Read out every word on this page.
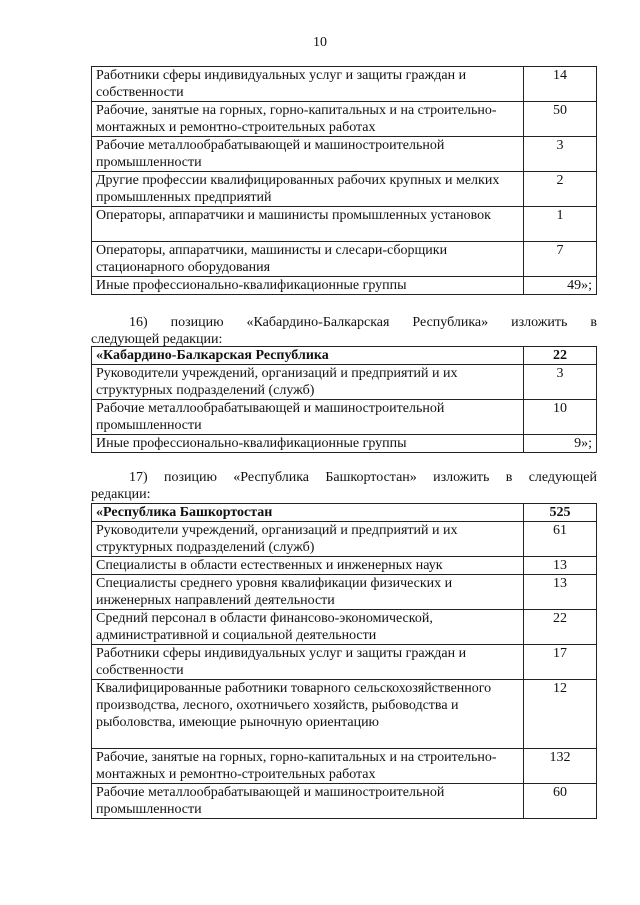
10
Работники сферы индивидуальных услуг и защиты граждан и собственности	14
Рабочие, занятые на горных, горно-капитальных и на строительно-монтажных и ремонтно-строительных работах	50
Рабочие металлообрабатывающей и машиностроительной промышленности	3
Другие профессии квалифицированных рабочих крупных и мелких промышленных предприятий	2
Операторы, аппаратчики и машинисты промышленных установок	1
Операторы, аппаратчики, машинисты и слесари-сборщики стационарного оборудования	7
Иные профессионально-квалификационные группы	49»;
16) позицию «Кабардино-Балкарская Республика» изложить в
следующей редакции:
«Кабардино-Балкарская Республика	22
Руководители учреждений, организаций и предприятий и их структурных подразделений (служб)	3
Рабочие металлообрабатывающей и машиностроительной промышленности	10
Иные профессионально-квалификационные группы	9»;
17) позицию «Республика Башкортостан» изложить в следующей
редакции:
«Республика Башкортостан	525
Руководители учреждений, организаций и предприятий и их структурных подразделений (служб)	61
Специалисты в области естественных и инженерных наук	13
Специалисты среднего уровня квалификации физических и инженерных направлений деятельности	13
Средний персонал в области финансово-экономической, административной и социальной деятельности	22
Работники сферы индивидуальных услуг и защиты граждан и собственности	17
Квалифицированные работники товарного сельскохозяйственного производства, лесного, охотничьего хозяйств, рыбоводства и рыболовства, имеющие рыночную ориентацию	12
Рабочие, занятые на горных, горно-капитальных и на строительно-монтажных и ремонтно-строительных работах	132
Рабочие металлообрабатывающей и машиностроительной промышленности	60
